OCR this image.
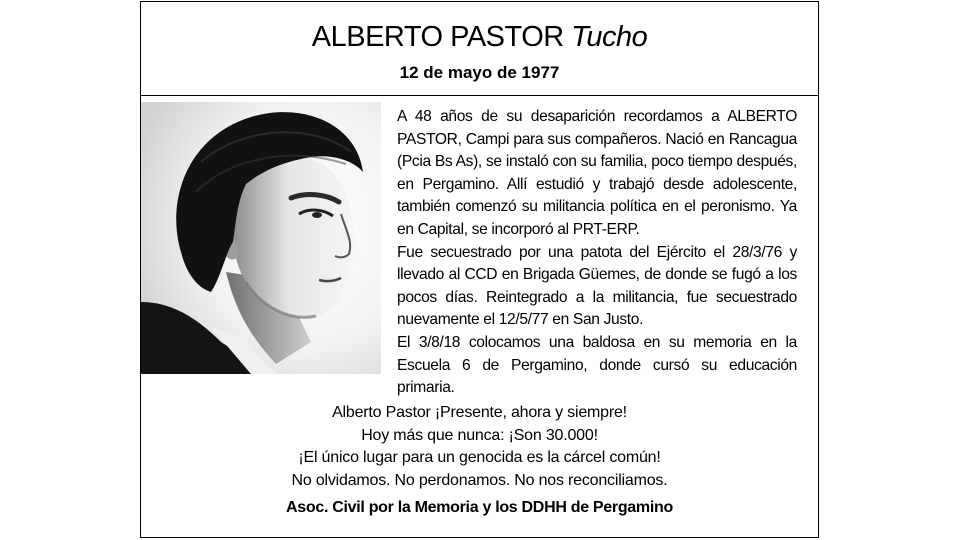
ALBERTO PASTOR Tucho
12 de mayo de 1977

A 48 años de su desaparición recordamos a ALBERTO PASTOR, Campi para sus compañeros. Nació en Rancagua (Pcia Bs As), se instaló con su familia, poco tiempo después, en Pergamino. Allí estudió y trabajó desde adolescente, también comenzó su militancia política en el peronismo. Ya en Capital, se incorporó al PRT-ERP.

Fue secuestrado por una patota del Ejército el 28/3/76 y llevado al CCD en Brigada Güemes, de donde se fugó a los pocos días. Reintegrado a la militancia, fue secuestrado nuevamente el 12/5/77 en San Justo.

El 3/8/18 colocamos una baldosa en su memoria en la Escuela 6 de Pergamino, donde cursó su educación primaria.

Alberto Pastor ¡Presente, ahora y siempre!
Hoy más que nunca: ¡Son 30.000!
¡El único lugar para un genocida es la cárcel común!
No olvidamos. No perdonamos. No nos reconciliamos.
Asoc. Civil por la Memoria y los DDHH de Pergamino
